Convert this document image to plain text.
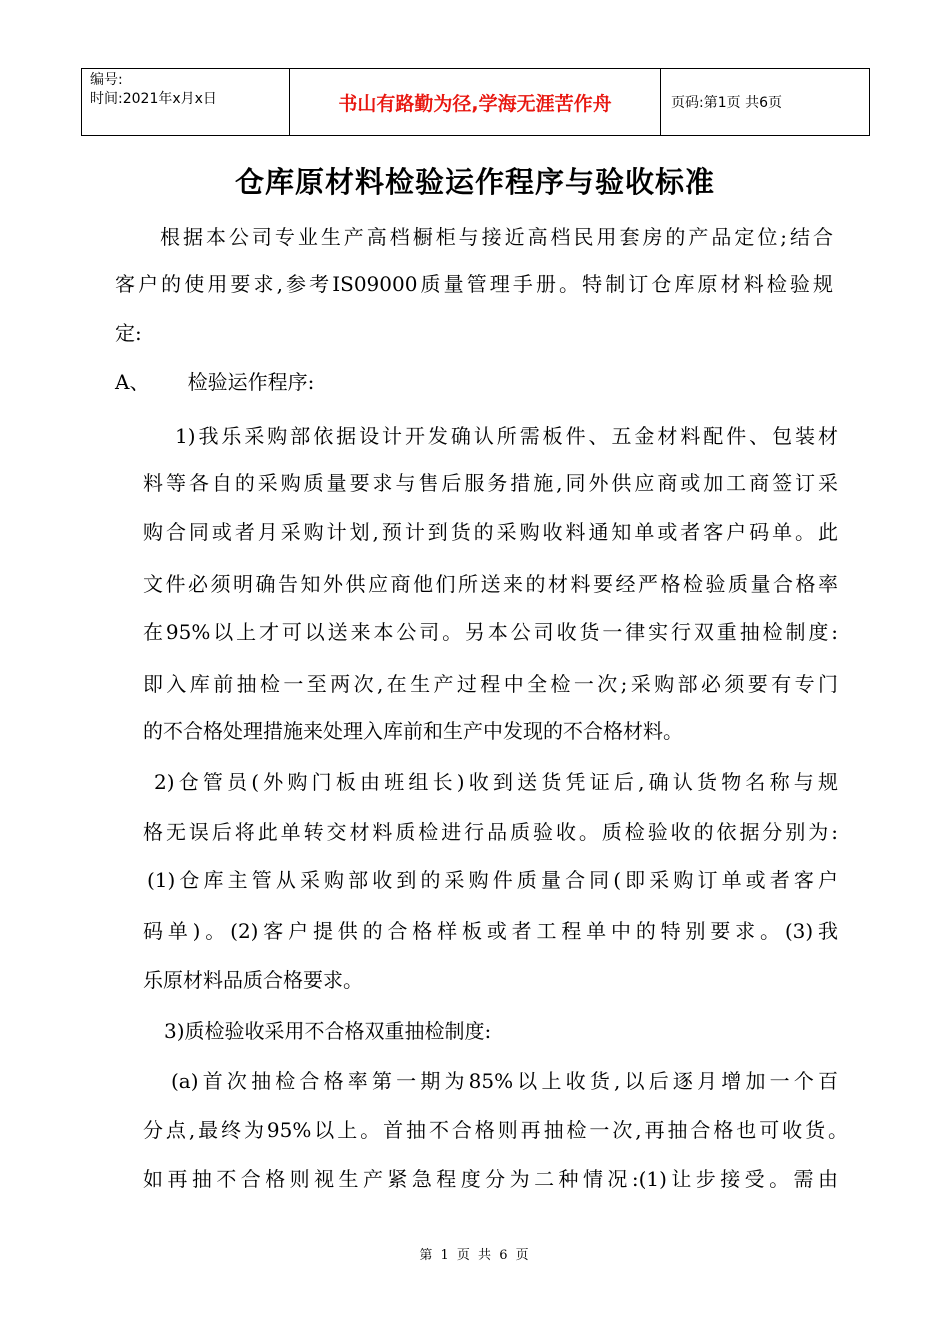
编号:
时间:2021年x月x日	书山有路勤为径,学海无涯苦作舟	页码:第1页 共6页
仓库原材料检验运作程序与验收标准
根据本公司专业生产高档橱柜与接近高档民用套房的产品定位;结合
客户的使用要求,参考IS09000质量管理手册。特制订仓库原材料检验规
定:
A、      检验运作程序:
1)我乐采购部依据设计开发确认所需板件、五金材料配件、包装材
料等各自的采购质量要求与售后服务措施,同外供应商或加工商签订采
购合同或者月采购计划,预计到货的采购收料通知单或者客户码单。此
文件必须明确告知外供应商他们所送来的材料要经严格检验质量合格率
在95%以上才可以送来本公司。另本公司收货一律实行双重抽检制度:
即入库前抽检一至两次,在生产过程中全检一次;采购部必须要有专门
的不合格处理措施来处理入库前和生产中发现的不合格材料。
2)仓管员(外购门板由班组长)收到送货凭证后,确认货物名称与规
格无误后将此单转交材料质检进行品质验收。质检验收的依据分别为:
(1)仓库主管从采购部收到的采购件质量合同(即采购订单或者客户
码单)。(2)客户提供的合格样板或者工程单中的特别要求。(3)我
乐原材料品质合格要求。
3)质检验收采用不合格双重抽检制度:
(a)首次抽检合格率第一期为85%以上收货,以后逐月增加一个百
分点,最终为95%以上。首抽不合格则再抽检一次,再抽合格也可收货。
如再抽不合格则视生产紧急程度分为二种情况:(1)让步接受。需由
第 1 页 共 6 页
